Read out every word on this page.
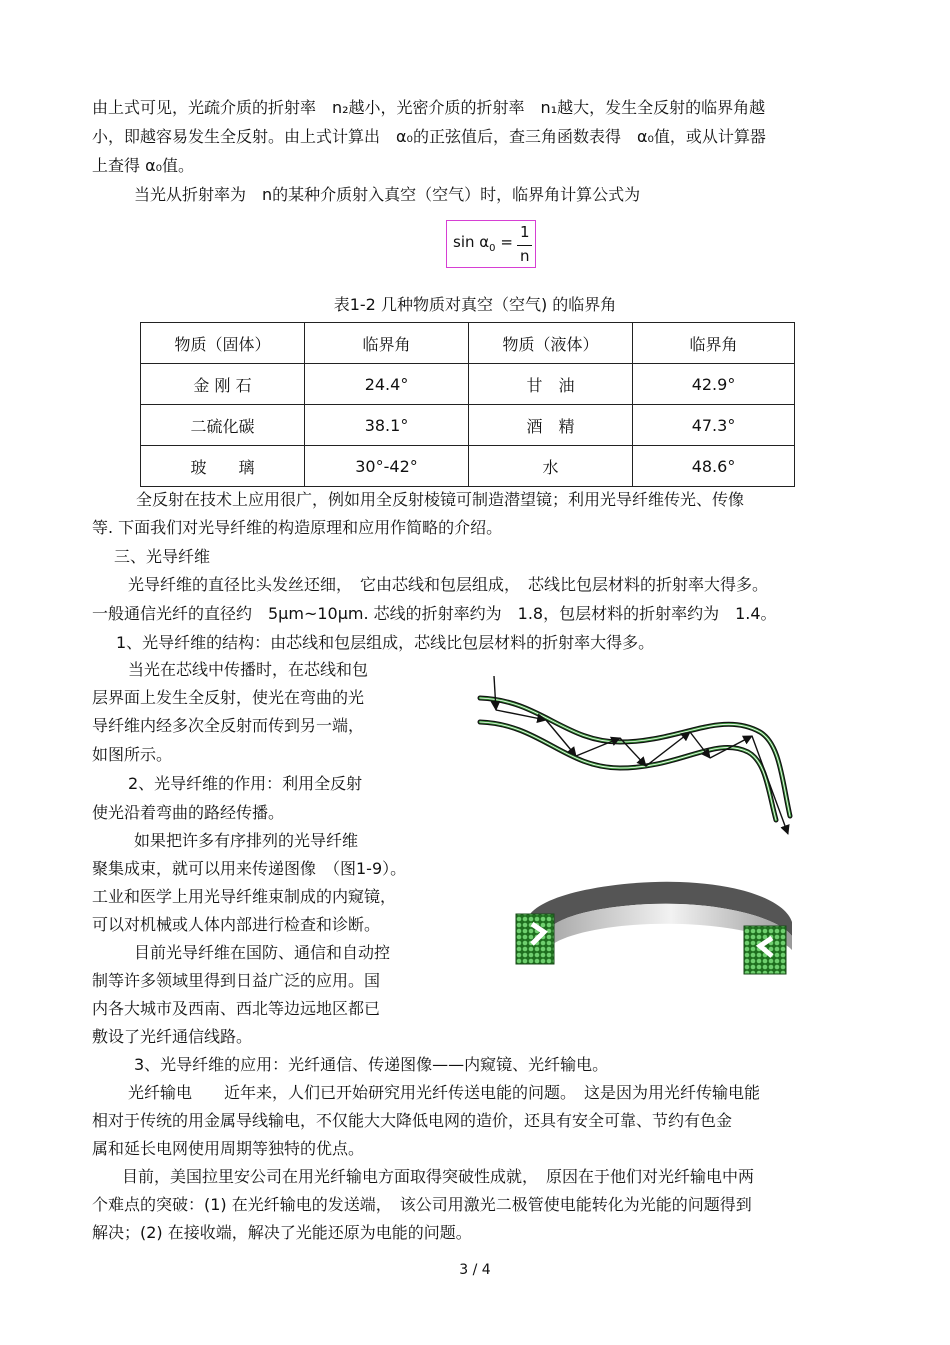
由上式可见，光疏介质的折射率　n₂越小，光密介质的折射率　n₁越大，发生全反射的临界角越
小，即越容易发生全反射。由上式计算出　α₀的正弦值后，查三角函数表得　α₀值，或从计算器
上查得 α₀值。
当光从折射率为　n的某种介质射入真空（空气）时，临界角计算公式为
$\sin \alpha_0$ =
1
n
表1-2 几种物质对真空（空气) 的临界角
物质（固体）	临界角	物质（液体）	临界角
金 刚 石	24.4°	甘　油	42.9°
二硫化碳	38.1°	酒　精	47.3°
玻　　璃	30°-42°	水	48.6°
全反射在技术上应用很广，例如用全反射棱镜可制造潜望镜；利用光导纤维传光、传像
等. 下面我们对光导纤维的构造原理和应用作简略的介绍。
三、光导纤维
光导纤维的直径比头发丝还细，　它由芯线和包层组成，　芯线比包层材料的折射率大得多。
一般通信光纤的直径约　5μm~10μm. 芯线的折射率约为　1.8，包层材料的折射率约为　1.4。
1、光导纤维的结构：由芯线和包层组成，芯线比包层材料的折射率大得多。
当光在芯线中传播时，在芯线和包
层界面上发生全反射，使光在弯曲的光
导纤维内经多次全反射而传到另一端，
如图所示。
2、光导纤维的作用：利用全反射
使光沿着弯曲的路经传播。
如果把许多有序排列的光导纤维
聚集成束，就可以用来传递图像　（图1-9）。
工业和医学上用光导纤维束制成的内窥镜，
可以对机械或人体内部进行检查和诊断。
目前光导纤维在国防、通信和自动控
制等许多领域里得到日益广泛的应用。国
内各大城市及西南、西北等边远地区都已
敷设了光纤通信线路。
3、光导纤维的应用：光纤通信、传递图像——内窥镜、光纤输电。
光纤输电　　近年来，人们已开始研究用光纤传送电能的问题。　这是因为用光纤传输电能
相对于传统的用金属导线输电，不仅能大大降低电网的造价，还具有安全可靠、节约有色金
属和延长电网使用周期等独特的优点。
目前，美国拉里安公司在用光纤输电方面取得突破性成就，　原因在于他们对光纤输电中两
个难点的突破：(1) 在光纤输电的发送端，　该公司用激光二极管使电能转化为光能的问题得到
解决；(2) 在接收端，解决了光能还原为电能的问题。
3 / 4
